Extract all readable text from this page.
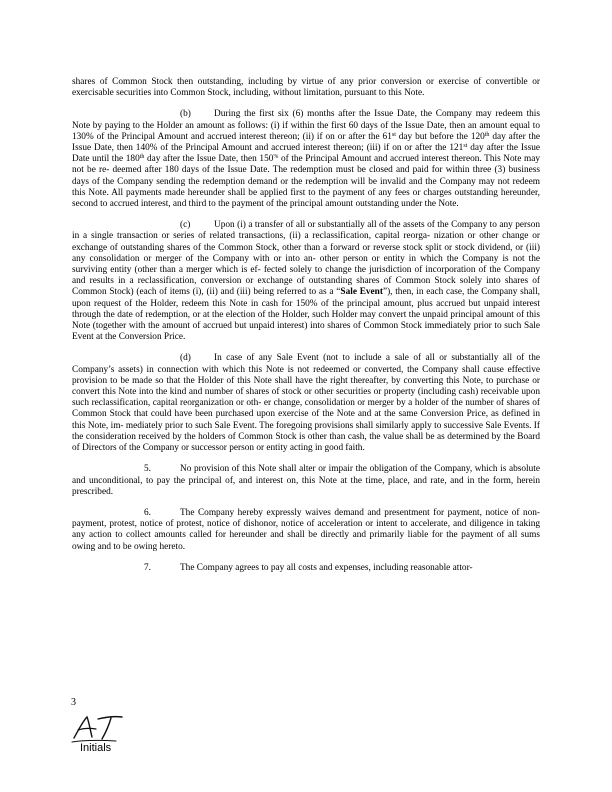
shares of Common Stock then outstanding, including by virtue of any prior conversion or exercise of convertible or exercisable securities into Common Stock, including, without limitation, pursuant to this Note.

(b) During the first six (6) months after the Issue Date, the Company may redeem this Note by paying to the Holder an amount as follows: (i) if within the first 60 days of the Issue Date, then an amount equal to 130% of the Principal Amount and accrued interest thereon; (ii) if on or after the 61st day but before the 120th day after the Issue Date, then 140% of the Principal Amount and accrued interest thereon; (iii) if on or after the 121st day after the Issue Date until the 180th day after the Issue Date, then 150% of the Principal Amount and accrued interest thereon. This Note may not be re- deemed after 180 days of the Issue Date. The redemption must be closed and paid for within three (3) business days of the Company sending the redemption demand or the redemption will be invalid and the Company may not redeem this Note. All payments made hereunder shall be applied first to the payment of any fees or charges outstanding hereunder, second to accrued interest, and third to the payment of the principal amount outstanding under the Note.

(c)	Upon (i) a transfer of all or substantially all of the assets of the Company to any person in a single transaction or series of related transactions, (ii) a reclassification, capital reorga- nization or other change or exchange of outstanding shares of the Common Stock, other than a forward or reverse stock split or stock dividend, or (iii) any consolidation or merger of the Company with or into an- other person or entity in which the Company is not the surviving entity (other than a merger which is ef- fected solely to change the jurisdiction of incorporation of the Company and results in a reclassification, conversion or exchange of outstanding shares of Common Stock solely into shares of Common Stock) (each of items (i), (ii) and (iii) being referred to as a “Sale Event”), then, in each case, the Company shall, upon request of the Holder, redeem this Note in cash for 150% of the principal amount, plus accrued but unpaid interest through the date of redemption, or at the election of the Holder, such Holder may convert the unpaid principal amount of this Note (together with the amount of accrued but unpaid interest) into shares of Common Stock immediately prior to such Sale Event at the Conversion Price.

(d) In case of any Sale Event (not to include a sale of all or substantially all of the Company’s assets) in connection with which this Note is not redeemed or converted, the Company shall cause effective provision to be made so that the Holder of this Note shall have the right thereafter, by converting this Note, to purchase or convert this Note into the kind and number of shares of stock or other securities or property (including cash) receivable upon such reclassification, capital reorganization or oth- er change, consolidation or merger by a holder of the number of shares of Common Stock that could have been purchased upon exercise of the Note and at the same Conversion Price, as defined in this Note, im- mediately prior to such Sale Event. The foregoing provisions shall similarly apply to successive Sale Events. If the consideration received by the holders of Common Stock is other than cash, the value shall be as determined by the Board of Directors of the Company or successor person or entity acting in good faith.

5.	No provision of this Note shall alter or impair the obligation of the Company, which is absolute and unconditional, to pay the principal of, and interest on, this Note at the time, place, and rate, and in the form, herein prescribed.

6.	The Company hereby expressly waives demand and presentment for payment, notice of non-payment, protest, notice of protest, notice of dishonor, notice of acceleration or intent to accelerate, and diligence in taking any action to collect amounts called for hereunder and shall be directly and primarily liable for the payment of all sums owing and to be owing hereto.

7.	The Company agrees to pay all costs and expenses, including reasonable attor-

3
Initials
